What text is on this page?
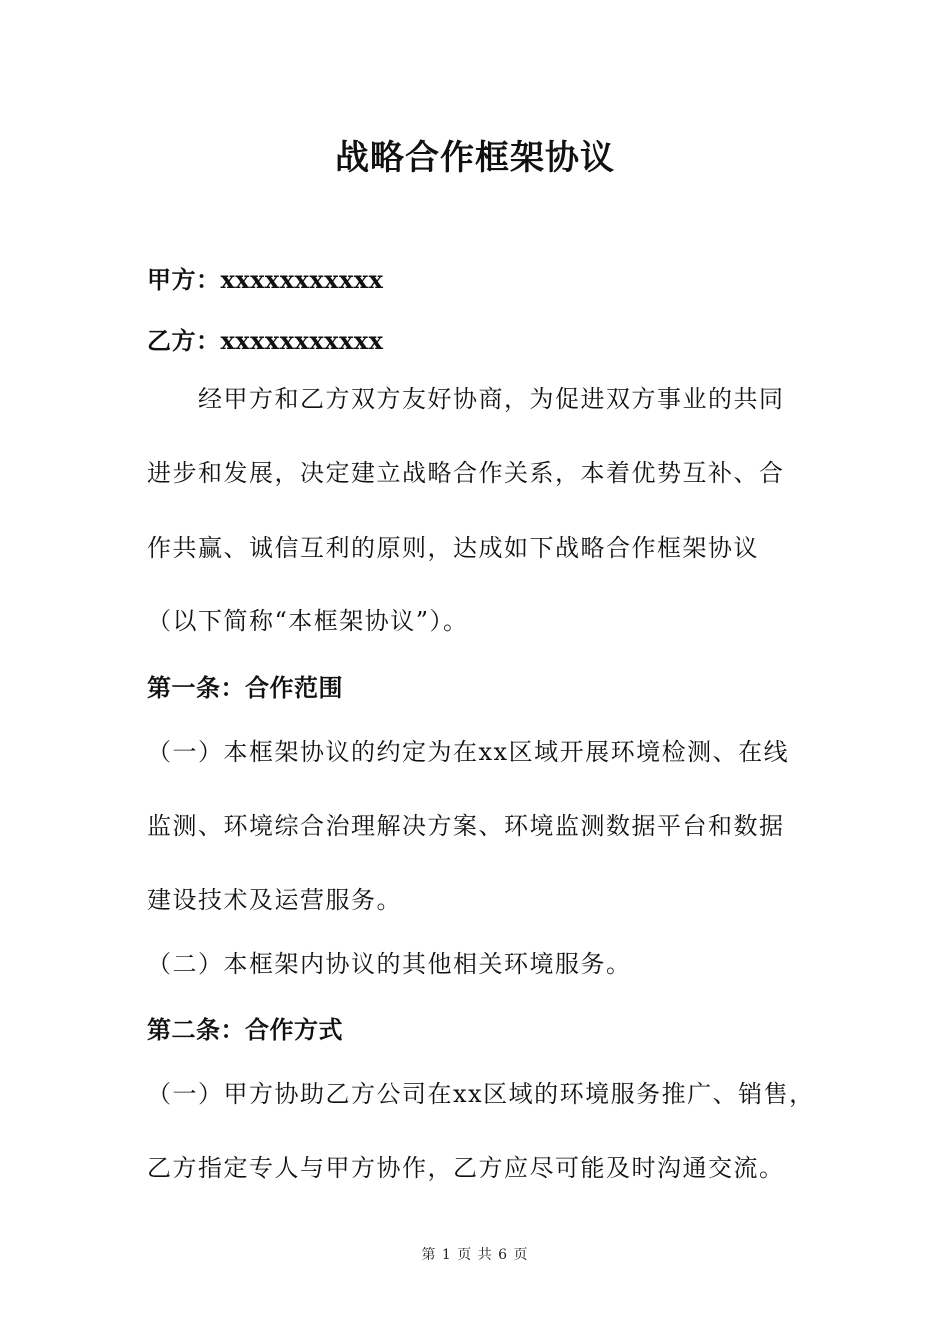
战略合作框架协议
甲方：xxxxxxxxxxx
乙方：xxxxxxxxxxx
　　经甲方和乙方双方友好协商，为促进双方事业的共同
进步和发展，决定建立战略合作关系，本着优势互补、合
作共赢、诚信互利的原则，达成如下战略合作框架协议
（以下简称“本框架协议”）。
第一条：合作范围
（一）本框架协议的约定为在xx区域开展环境检测、在线
监测、环境综合治理解决方案、环境监测数据平台和数据
建设技术及运营服务。
（二）本框架内协议的其他相关环境服务。
第二条：合作方式
（一）甲方协助乙方公司在xx区域的环境服务推广、销售，
乙方指定专人与甲方协作，乙方应尽可能及时沟通交流。
第 1 页 共 6 页
